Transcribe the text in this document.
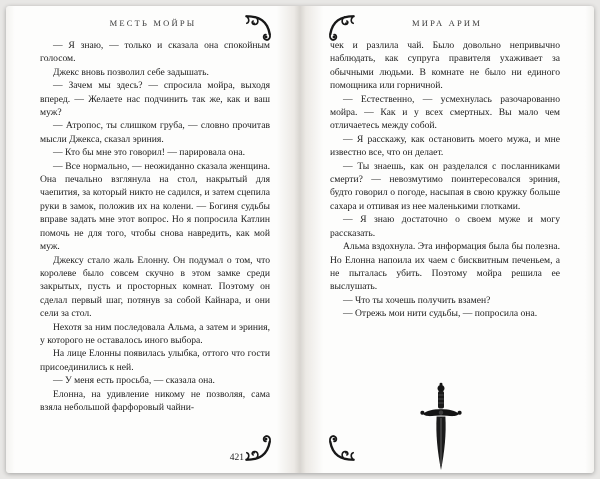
МЕСТЬ МОЙРЫ

— Я знаю, — только и сказала она спокойным голосом.

Джекс вновь позволил себе задышать.

— Зачем мы здесь? — спросила мойра, выходя вперед. — Желаете нас подчинить так же, как и ваш муж?

— Атропос, ты слишком груба, — словно прочитав мысли Джекса, сказал эриния.

— Кто бы мне это говорил! — парировала она.

— Все нормально, — неожиданно сказала женщина. Она печально взглянула на стол, накрытый для чаепития, за который никто не садился, и затем сцепила руки в замок, положив их на колени. — Богиня судьбы вправе задать мне этот вопрос. Но я попросила Катлин помочь не для того, чтобы снова навредить, как мой муж.

Джексу стало жаль Елонну. Он подумал о том, что королеве было совсем скучно в этом замке среди закрытых, пусть и просторных комнат. Поэтому он сделал первый шаг, потянув за собой Кайнара, и они сели за стол.

Нехотя за ним последовала Альма, а затем и эриния, у которого не оставалось иного выбора.

На лице Елонны появилась улыбка, оттого что гости присоединились к ней.

— У меня есть просьба, — сказала она.

Елонна, на удивление никому не позволяя, сама взяла небольшой фарфоровый чайни-

421
МИРА АРИМ

чек и разлила чай. Было довольно непривычно наблюдать, как супруга правителя ухаживает за обычными людьми. В комнате не было ни единого помощника или горничной.

— Естественно, — усмехнулась разочарованно мойра. — Как и у всех смертных. Вы мало чем отличаетесь между собой.

— Я расскажу, как остановить моего мужа, и мне известно все, что он делает.

— Ты знаешь, как он разделался с посланниками смерти? — невозмутимо поинтересовался эриния, будто говорил о погоде, насыпая в свою кружку больше сахара и отпивая из нее маленькими глотками.

— Я знаю достаточно о своем муже и могу рассказать.

Альма вздохнула. Эта информация была бы полезна. Но Елонна напоила их чаем с бисквитным печеньем, а не пыталась убить. Поэтому мойра решила ее выслушать.

— Что ты хочешь получить взамен?

— Отрежь мои нити судьбы, — попросила она.
